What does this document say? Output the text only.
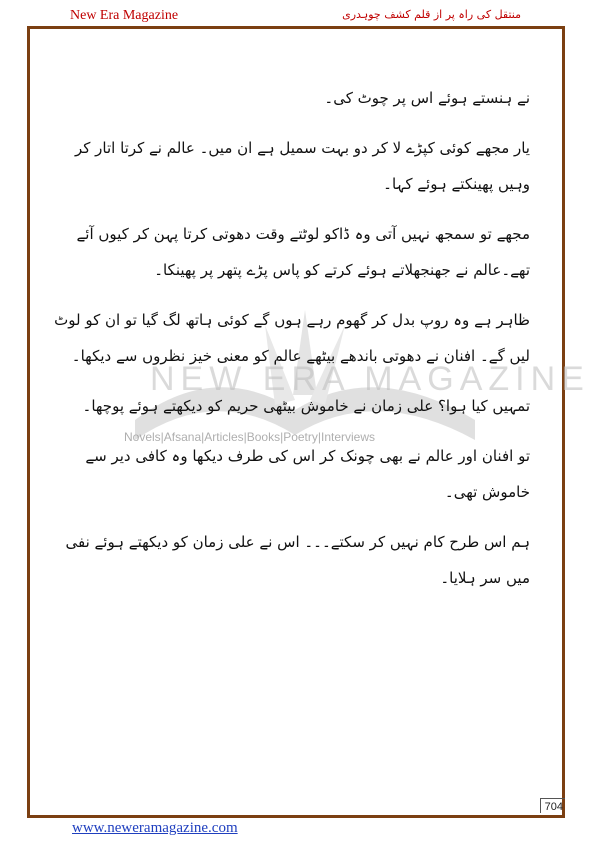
New Era Magazine	منتقل کی راہ پر از قلم کشف چوہدری
NEW ERA MAGAZINE
Novels|Afsana|Articles|Books|Poetry|Interviews

نے ہنستے ہوئے اس پر چوٹ کی۔

یار مجھے کوئی کپڑے لا کر دو بہت سمیل ہے ان میں۔ عالم نے کرتا اتار کر وہیں پھینکتے ہوئے کہا۔

مجھے تو سمجھ نہیں آتی وہ ڈاکو لوٹتے وقت دھوتی کرتا پہن کر کیوں آئے تھے۔عالم نے جھنجھلاتے ہوئے کرتے کو پاس پڑے پتھر پر پھینکا۔

ظاہر ہے وہ روپ بدل کر گھوم رہے ہوں گے کوئی ہاتھ لگ گیا تو ان کو لوٹ لیں گے۔ افنان نے دھوتی باندھے بیٹھے عالم کو معنی خیز نظروں سے دیکھا۔

تمہیں کیا ہوا؟ علی زمان نے خاموش بیٹھی حریم کو دیکھتے ہوئے پوچھا۔

تو افنان اور عالم نے بھی چونک کر اس کی طرف دیکھا وہ کافی دیر سے خاموش تھی۔

ہم اس طرح کام نہیں کر سکتے۔۔۔ اس نے علی زمان کو دیکھتے ہوئے نفی میں سر ہلایا۔

704
www.neweramagazine.com
